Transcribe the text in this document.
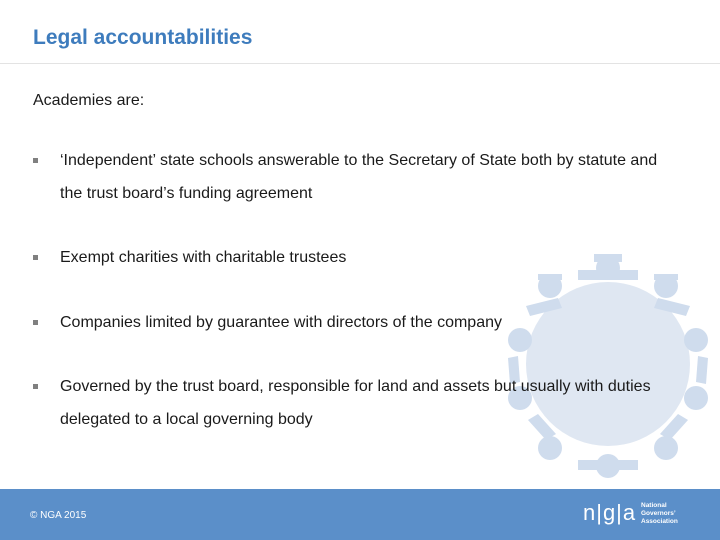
Legal accountabilities
Academies are:
‘Independent’ state schools answerable to the Secretary of State both by statute and the trust board’s funding agreement
Exempt charities with charitable trustees
Companies limited by guarantee with directors of the company
Governed by the trust board, responsible for land and assets but usually with duties delegated to a local governing body
© NGA 2015	n|g|a National
Governors’
Association
